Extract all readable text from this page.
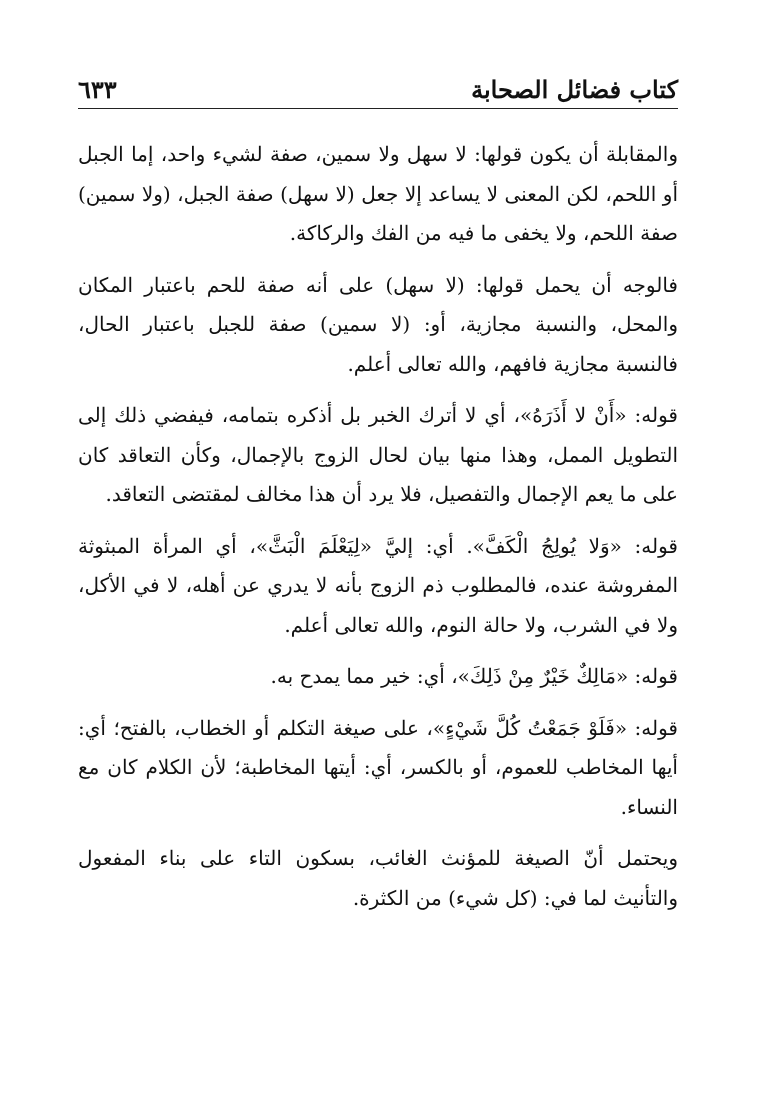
كتاب فضائل الصحابة
٦٣٣

والمقابلة أن يكون قولها: لا سهل ولا سمين، صفة لشيء واحد، إما الجبل أو اللحم، لكن المعنى لا يساعد إلا جعل (لا سهل) صفة الجبل، (ولا سمين) صفة اللحم، ولا يخفى ما فيه من الفك والركاكة.

فالوجه أن يحمل قولها: (لا سهل) على أنه صفة للحم باعتبار المكان والمحل، والنسبة مجازية، أو: (لا سمين) صفة للجبل باعتبار الحال، فالنسبة مجازية فافهم، والله تعالى أعلم.

قوله: «أَنْ لا أَذَرَهُ»، أي لا أترك الخبر بل أذكره بتمامه، فيفضي ذلك إلى التطويل الممل، وهذا منها بيان لحال الزوج بالإجمال، وكأن التعاقد كان على ما يعم الإجمال والتفصيل، فلا يرد أن هذا مخالف لمقتضى التعاقد.

قوله: «وَلا يُولِجُ الْكَفَّ». أي: إليَّ «لِيَعْلَمَ الْبَثَّ»، أي المرأة المبثوثة المفروشة عنده، فالمطلوب ذم الزوج بأنه لا يدري عن أهله، لا في الأكل، ولا في الشرب، ولا حالة النوم، والله تعالى أعلم.

قوله: «مَالِكٌ خَيْرٌ مِنْ ذَلِكَ»، أي: خير مما يمدح به.

قوله: «فَلَوْ جَمَعْتُ كُلَّ شَيْءٍ»، على صيغة التكلم أو الخطاب، بالفتح؛ أي: أيها المخاطب للعموم، أو بالكسر، أي: أيتها المخاطبة؛ لأن الكلام كان مع النساء.

ويحتمل أنّ الصيغة للمؤنث الغائب، بسكون التاء على بناء المفعول والتأنيث لما في: (كل شيء) من الكثرة.
